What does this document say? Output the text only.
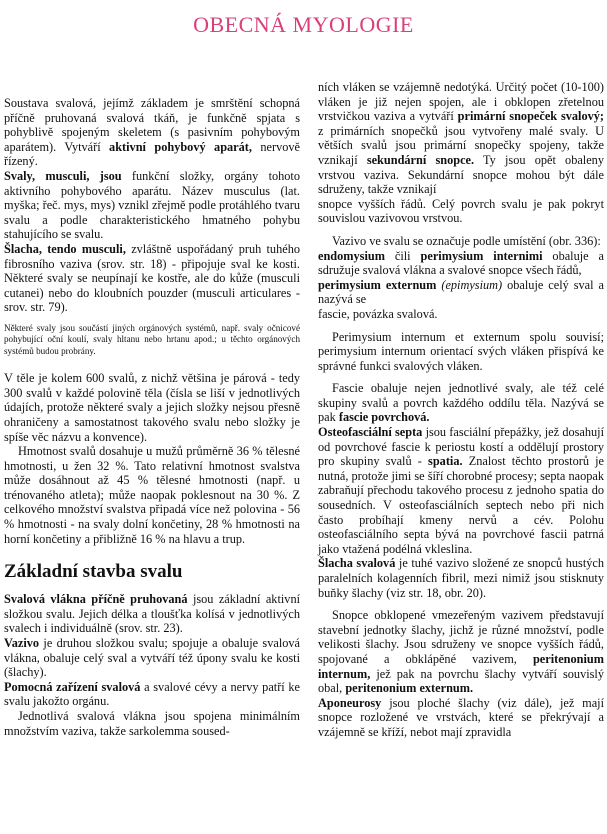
OBECNÁ MYOLOGIE

Soustava svalová, jejímž základem je smrštění schopná příčně pruhovaná svalová tkáň, je funkčně spjata s pohyblivě spojeným skeletem (s pasivním pohybovým aparátem). Vytváří aktivní pohybový aparát, nervově řízený.

Svaly, musculi, jsou funkční složky, orgány tohoto aktivního pohybového aparátu. Název musculus (lat. myška; řeč. mys, mys) vznikl zřejmě podle protáhlého tvaru svalu a podle charakteristického hmatného pohybu stahujícího se svalu.

Šlacha, tendo musculi, zvláštně uspořádaný pruh tuhého fibrosního vaziva (srov. str. 18) - připojuje sval ke kosti. Některé svaly se neupínají ke kostře, ale do kůže (musculi cutanei) nebo do kloubních pouzder (musculi articulares - srov. str. 79).

Některé svaly jsou součástí jiných orgánových systémů, např. svaly očnicové pohybující oční koulí, svaly hltanu nebo hrtanu apod.; u těchto orgánových systémů budou probrány.

V těle je kolem 600 svalů, z nichž většina je párová - tedy 300 svalů v každé polovině těla (čísla se liší v jednotlivých údajích, protože některé svaly a jejich složky nejsou přesně ohraničeny a samostatnost takového svalu nebo složky je spíše věc názvu a konvence).

Hmotnost svalů dosahuje u mužů průměrně 36 % tělesné hmotnosti, u žen 32 %. Tato relativní hmotnost svalstva může dosáhnout až 45 % tělesné hmotnosti (např. u trénovaného atleta); může naopak poklesnout na 30 %. Z celkového množství svalstva připadá více než polovina - 56 % hmotnosti - na svaly dolní končetiny, 28 % hmotnosti na horní končetiny a přibližně 16 % na hlavu a trup.

Základní stavba svalu

Svalová vlákna příčně pruhovaná jsou základní aktivní složkou svalu. Jejich délka a tloušťka kolísá v jednotlivých svalech i individuálně (srov. str. 23).

Vazivo je druhou složkou svalu; spojuje a obaluje svalová vlákna, obaluje celý sval a vytváří též úpony svalu ke kosti (šlachy).

Pomocná zařízení svalová a svalové cévy a nervy patří ke svalu jakožto orgánu.

Jednotlivá svalová vlákna jsou spojena minimálním množstvím vaziva, takže sarkolemma soused-

ních vláken se vzájemně nedotýká. Určitý počet (10-100) vláken je již nejen spojen, ale i obklopen zřetelnou vrstvičkou vaziva a vytváří primární snopeček svalový; z primárních snopečků jsou vytvořeny malé svaly. U větších svalů jsou primární snopečky spojeny, takže vznikají sekundární snopce. Ty jsou opět obaleny vrstvou vaziva. Sekundární snopce mohou být dále sdruženy, takže vznikají

snopce vyšších řádů. Celý povrch svalu je pak pokryt souvislou vazivovou vrstvou.

Vazivo ve svalu se označuje podle umístění (obr. 336):

endomysium čili perimysium internimi obaluje a sdružuje svalová vlákna a svalové snopce všech řádů,

perimysium externum (epimysium) obaluje celý sval a nazývá se

fascie, povázka svalová.

Perimysium internum et externum spolu souvisí; perimysium internum orientací svých vláken přispívá ke správné funkci svalových vláken.

Fascie obaluje nejen jednotlivé svaly, ale též celé skupiny svalů a povrch každého oddílu těla. Nazývá se pak fascie povrchová.

Osteofasciální septa jsou fasciální přepážky, jež dosahují od povrchové fascie k periostu kostí a oddělují prostory pro skupiny svalů - spatia. Znalost těchto prostorů je nutná, protože jimi se šíří chorobné procesy; septa naopak zabraňují přechodu takového procesu z jednoho spatia do sousedních. V osteofasciálních septech nebo při nich často probíhají kmeny nervů a cév. Polohu osteofasciálního septa bývá na povrchové fascii patrná jako vtažená podélná vkleslina.

Šlacha svalová je tuhé vazivo složené ze snopců hustých paralelních kolagenních fibril, mezi nimiž jsou stisknuty buňky šlachy (viz str. 18, obr. 20).

Snopce obklopené vmezeřeným vazivem představují stavební jednotky šlachy, jichž je různé množství, podle velikosti šlachy. Jsou sdruženy ve snopce vyšších řádů, spojované a obklápěné vazivem, peritenonium internum, jež pak na povrchu šlachy vytváří souvislý obal, peritenonium externum.

Aponeurosy jsou ploché šlachy (viz dále), jež mají snopce rozložené ve vrstvách, které se překrývají a vzájemně se kříží, nebot mají zpravidla
